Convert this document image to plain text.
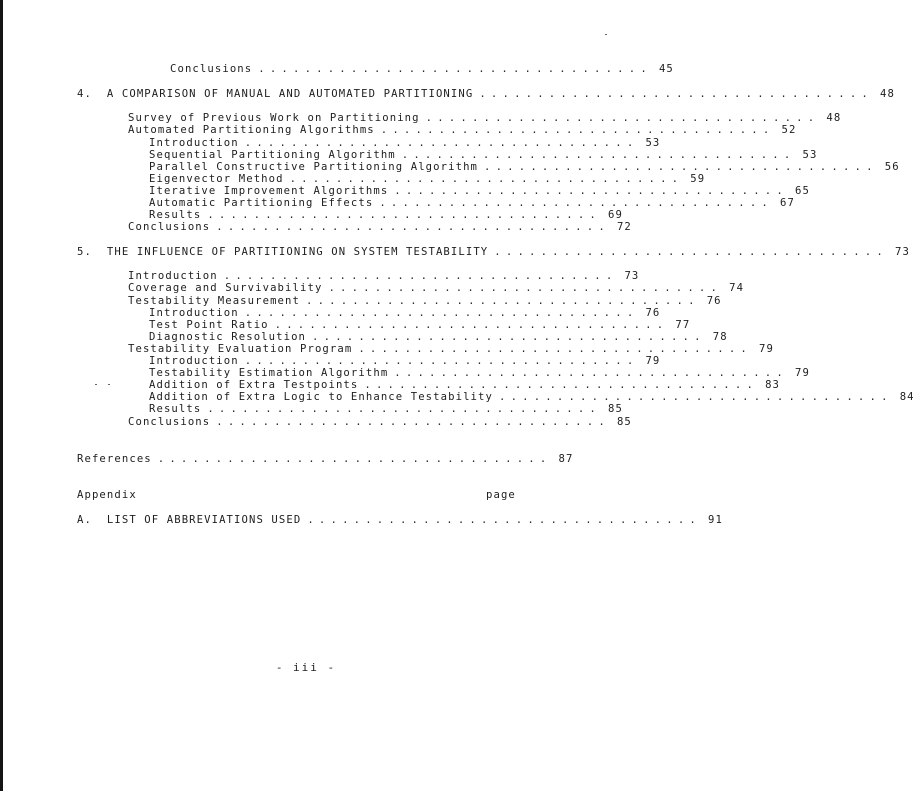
Conclusions .................................. 45
4.  A COMPARISON OF MANUAL AND AUTOMATED PARTITIONING .................................. 48
Survey of Previous Work on Partitioning .................................. 48
Automated Partitioning Algorithms .................................. 52
Introduction .................................. 53
Sequential Partitioning Algorithm .................................. 53
Parallel Constructive Partitioning Algorithm .................................. 56
Eigenvector Method .................................. 59
Iterative Improvement Algorithms .................................. 65
Automatic Partitioning Effects .................................. 67
Results .................................. 69
Conclusions .................................. 72
5.  THE INFLUENCE OF PARTITIONING ON SYSTEM TESTABILITY .................................. 73
Introduction .................................. 73
Coverage and Survivability .................................. 74
Testability Measurement .................................. 76
Introduction .................................. 76
Test Point Ratio .................................. 77
Diagnostic Resolution .................................. 78
Testability Evaluation Program .................................. 79
Introduction .................................. 79
Testability Estimation Algorithm .................................. 79
Addition of Extra Testpoints .................................. 83
Addition of Extra Logic to Enhance Testability .................................. 84
Results .................................. 85
Conclusions .................................. 85
References .................................. 87
Appendix	page
A.  LIST OF ABBREVIATIONS USED .................................. 91
- iii -
